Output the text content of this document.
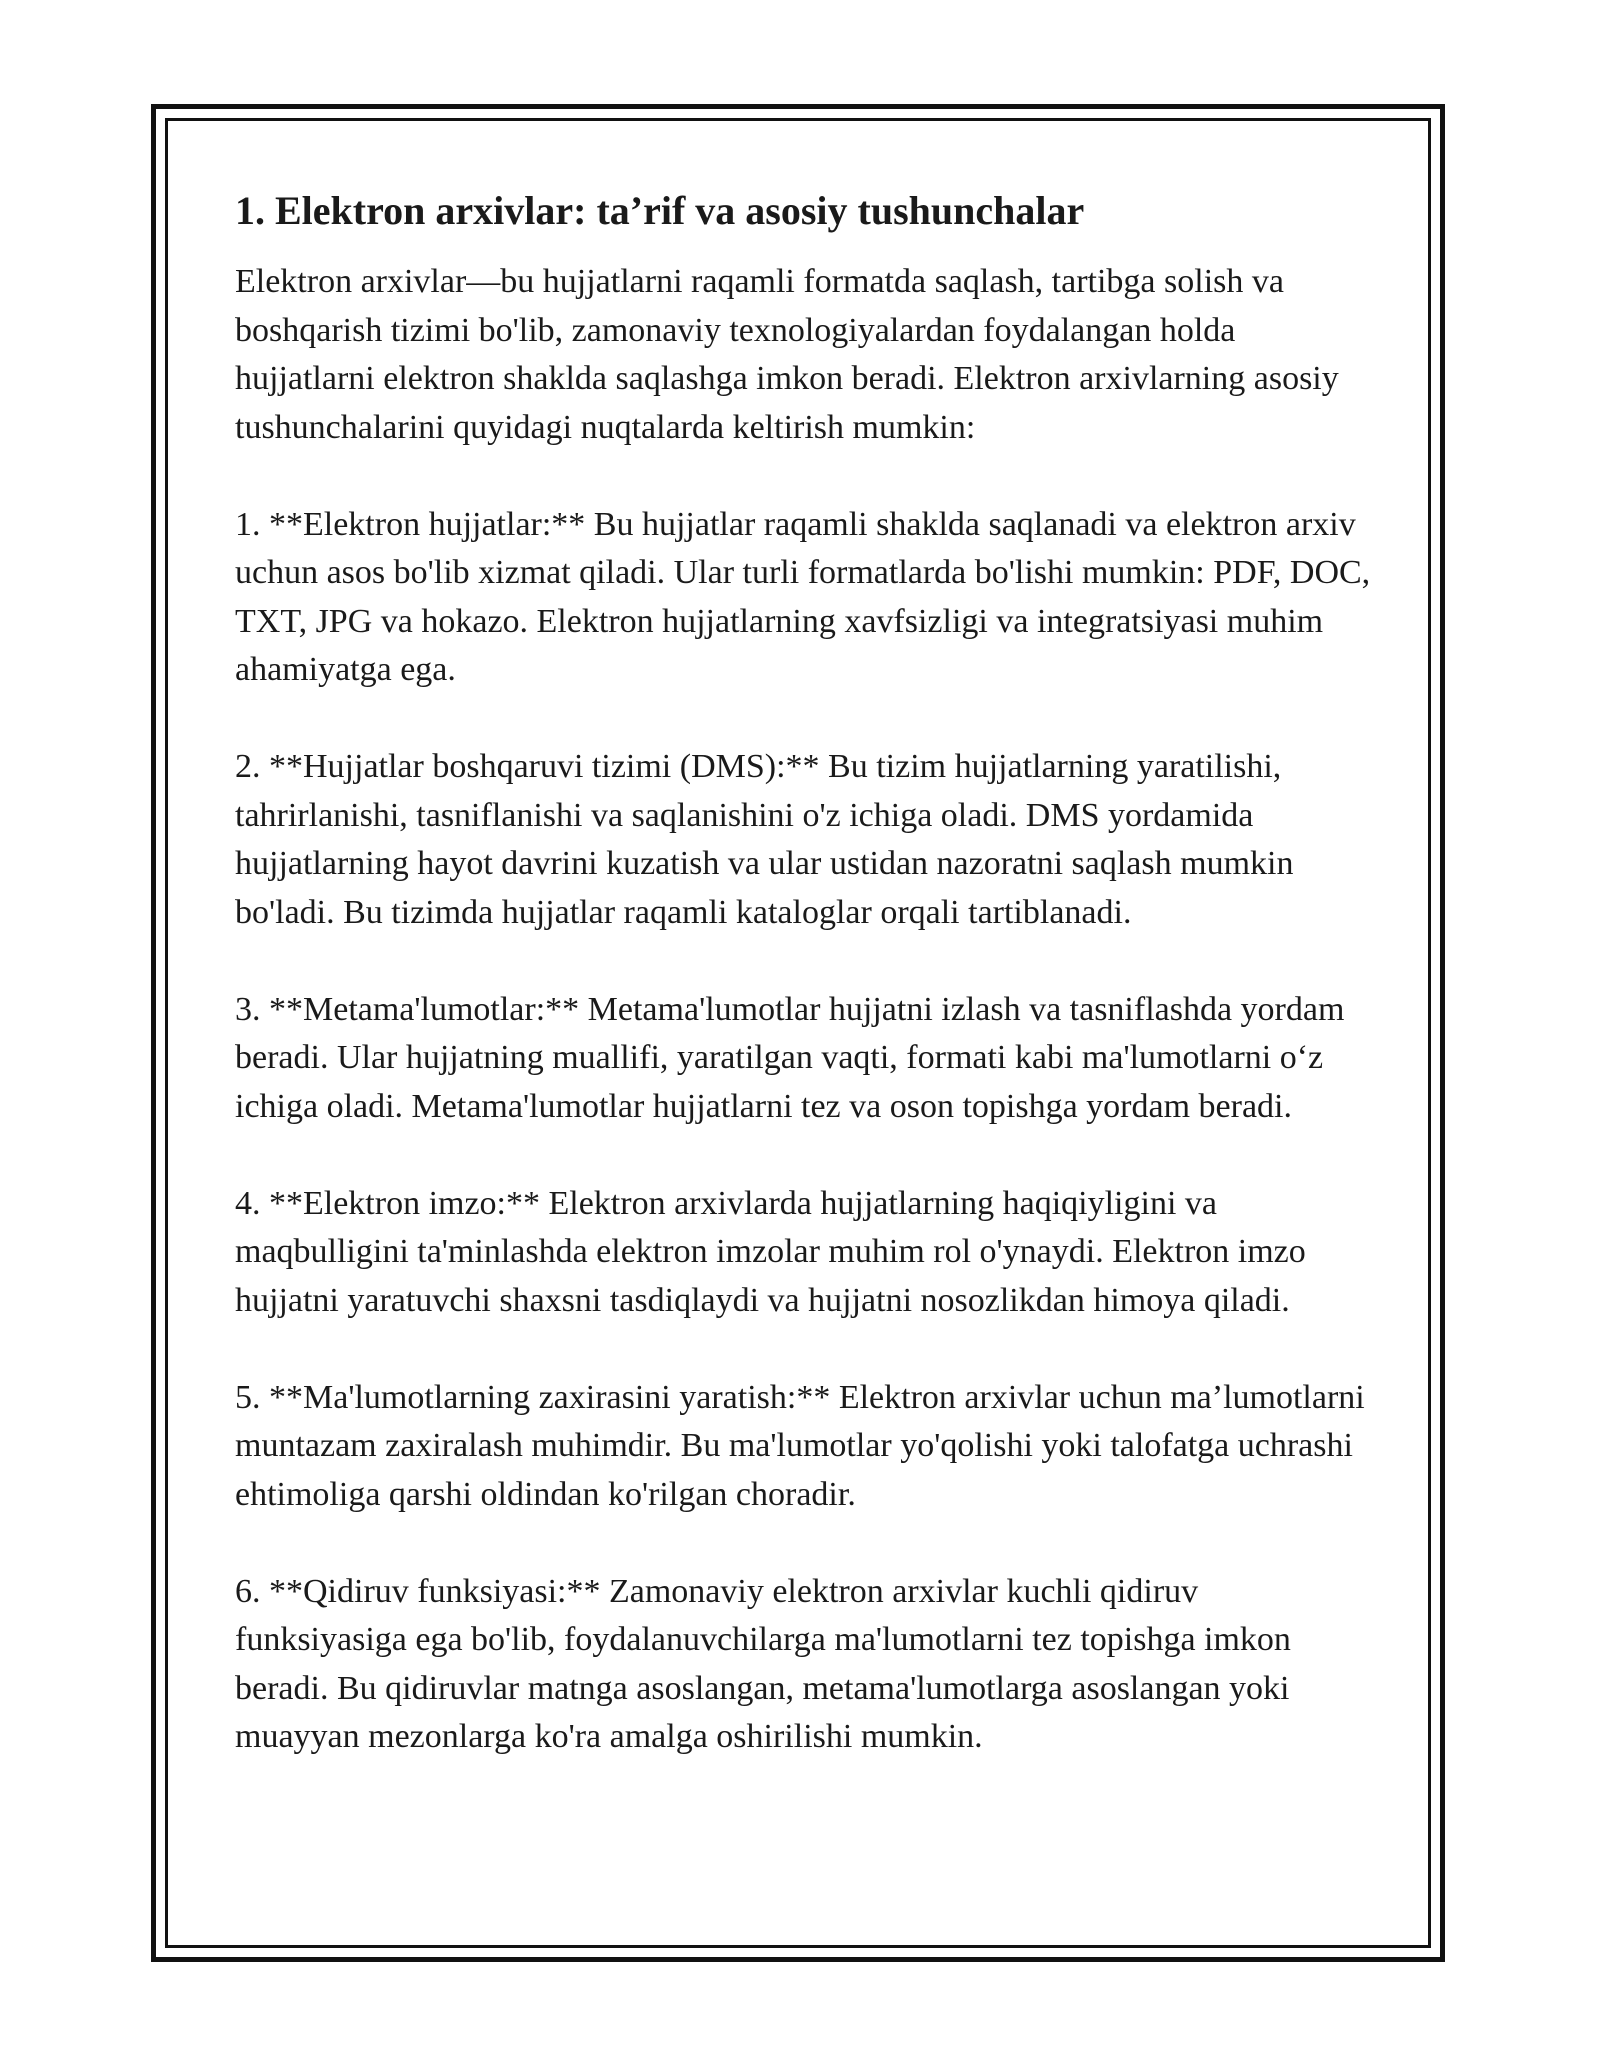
1. Elektron arxivlar: ta’rif va asosiy tushunchalar

Elektron arxivlar—bu hujjatlarni raqamli formatda saqlash, tartibga solish va boshqarish tizimi bo'lib, zamonaviy texnologiyalardan foydalangan holda hujjatlarni elektron shaklda saqlashga imkon beradi. Elektron arxivlarning asosiy tushunchalarini quyidagi nuqtalarda keltirish mumkin:

1. **Elektron hujjatlar:** Bu hujjatlar raqamli shaklda saqlanadi va elektron arxiv uchun asos bo'lib xizmat qiladi. Ular turli formatlarda bo'lishi mumkin: PDF, DOC, TXT, JPG va hokazo. Elektron hujjatlarning xavfsizligi va integratsiyasi muhim ahamiyatga ega.

2. **Hujjatlar boshqaruvi tizimi (DMS):** Bu tizim hujjatlarning yaratilishi, tahrirlanishi, tasniflanishi va saqlanishini o'z ichiga oladi. DMS yordamida hujjatlarning hayot davrini kuzatish va ular ustidan nazoratni saqlash mumkin bo'ladi. Bu tizimda hujjatlar raqamli kataloglar orqali tartiblanadi.

3. **Metama'lumotlar:** Metama'lumotlar hujjatni izlash va tasniflashda yordam beradi. Ular hujjatning muallifi, yaratilgan vaqti, formati kabi ma'lumotlarni o‘z ichiga oladi. Metama'lumotlar hujjatlarni tez va oson topishga yordam beradi.

4. **Elektron imzo:** Elektron arxivlarda hujjatlarning haqiqiyligini va maqbulligini ta'minlashda elektron imzolar muhim rol o'ynaydi. Elektron imzo hujjatni yaratuvchi shaxsni tasdiqlaydi va hujjatni nosozlikdan himoya qiladi.

5. **Ma'lumotlarning zaxirasini yaratish:** Elektron arxivlar uchun ma’lumotlarni muntazam zaxiralash muhimdir. Bu ma'lumotlar yo'qolishi yoki talofatga uchrashi ehtimoliga qarshi oldindan ko'rilgan choradir.

6. **Qidiruv funksiyasi:** Zamonaviy elektron arxivlar kuchli qidiruv funksiyasiga ega bo'lib, foydalanuvchilarga ma'lumotlarni tez topishga imkon beradi. Bu qidiruvlar matnga asoslangan, metama'lumotlarga asoslangan yoki muayyan mezonlarga ko'ra amalga oshirilishi mumkin.
